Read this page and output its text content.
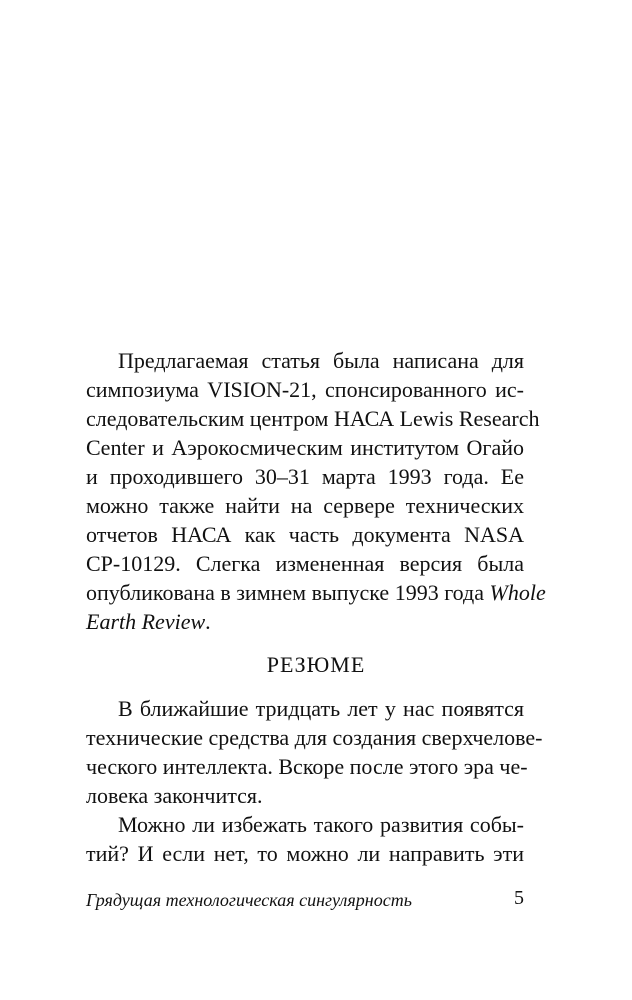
Предлагаемая статья была написана для
симпозиума VISION-21, спонсированного ис-
следовательским центром НАСА Lewis Research
Center и Аэрокосмическим институтом Огайо
и проходившего 30–31 марта 1993 года. Ее
можно также найти на сервере технических
отчетов НАСА как часть документа NASA
CP-10129. Слегка измененная версия была
опубликована в зимнем выпуске 1993 года Whole
Earth Review.
РЕЗЮМЕ
В ближайшие тридцать лет у нас появятся
технические средства для создания сверхчелове-
ческого интеллекта. Вскоре после этого эра че-
ловека закончится.
Можно ли избежать такого развития собы-
тий? И если нет, то можно ли направить эти
Грядущая технологическая сингулярность	5
